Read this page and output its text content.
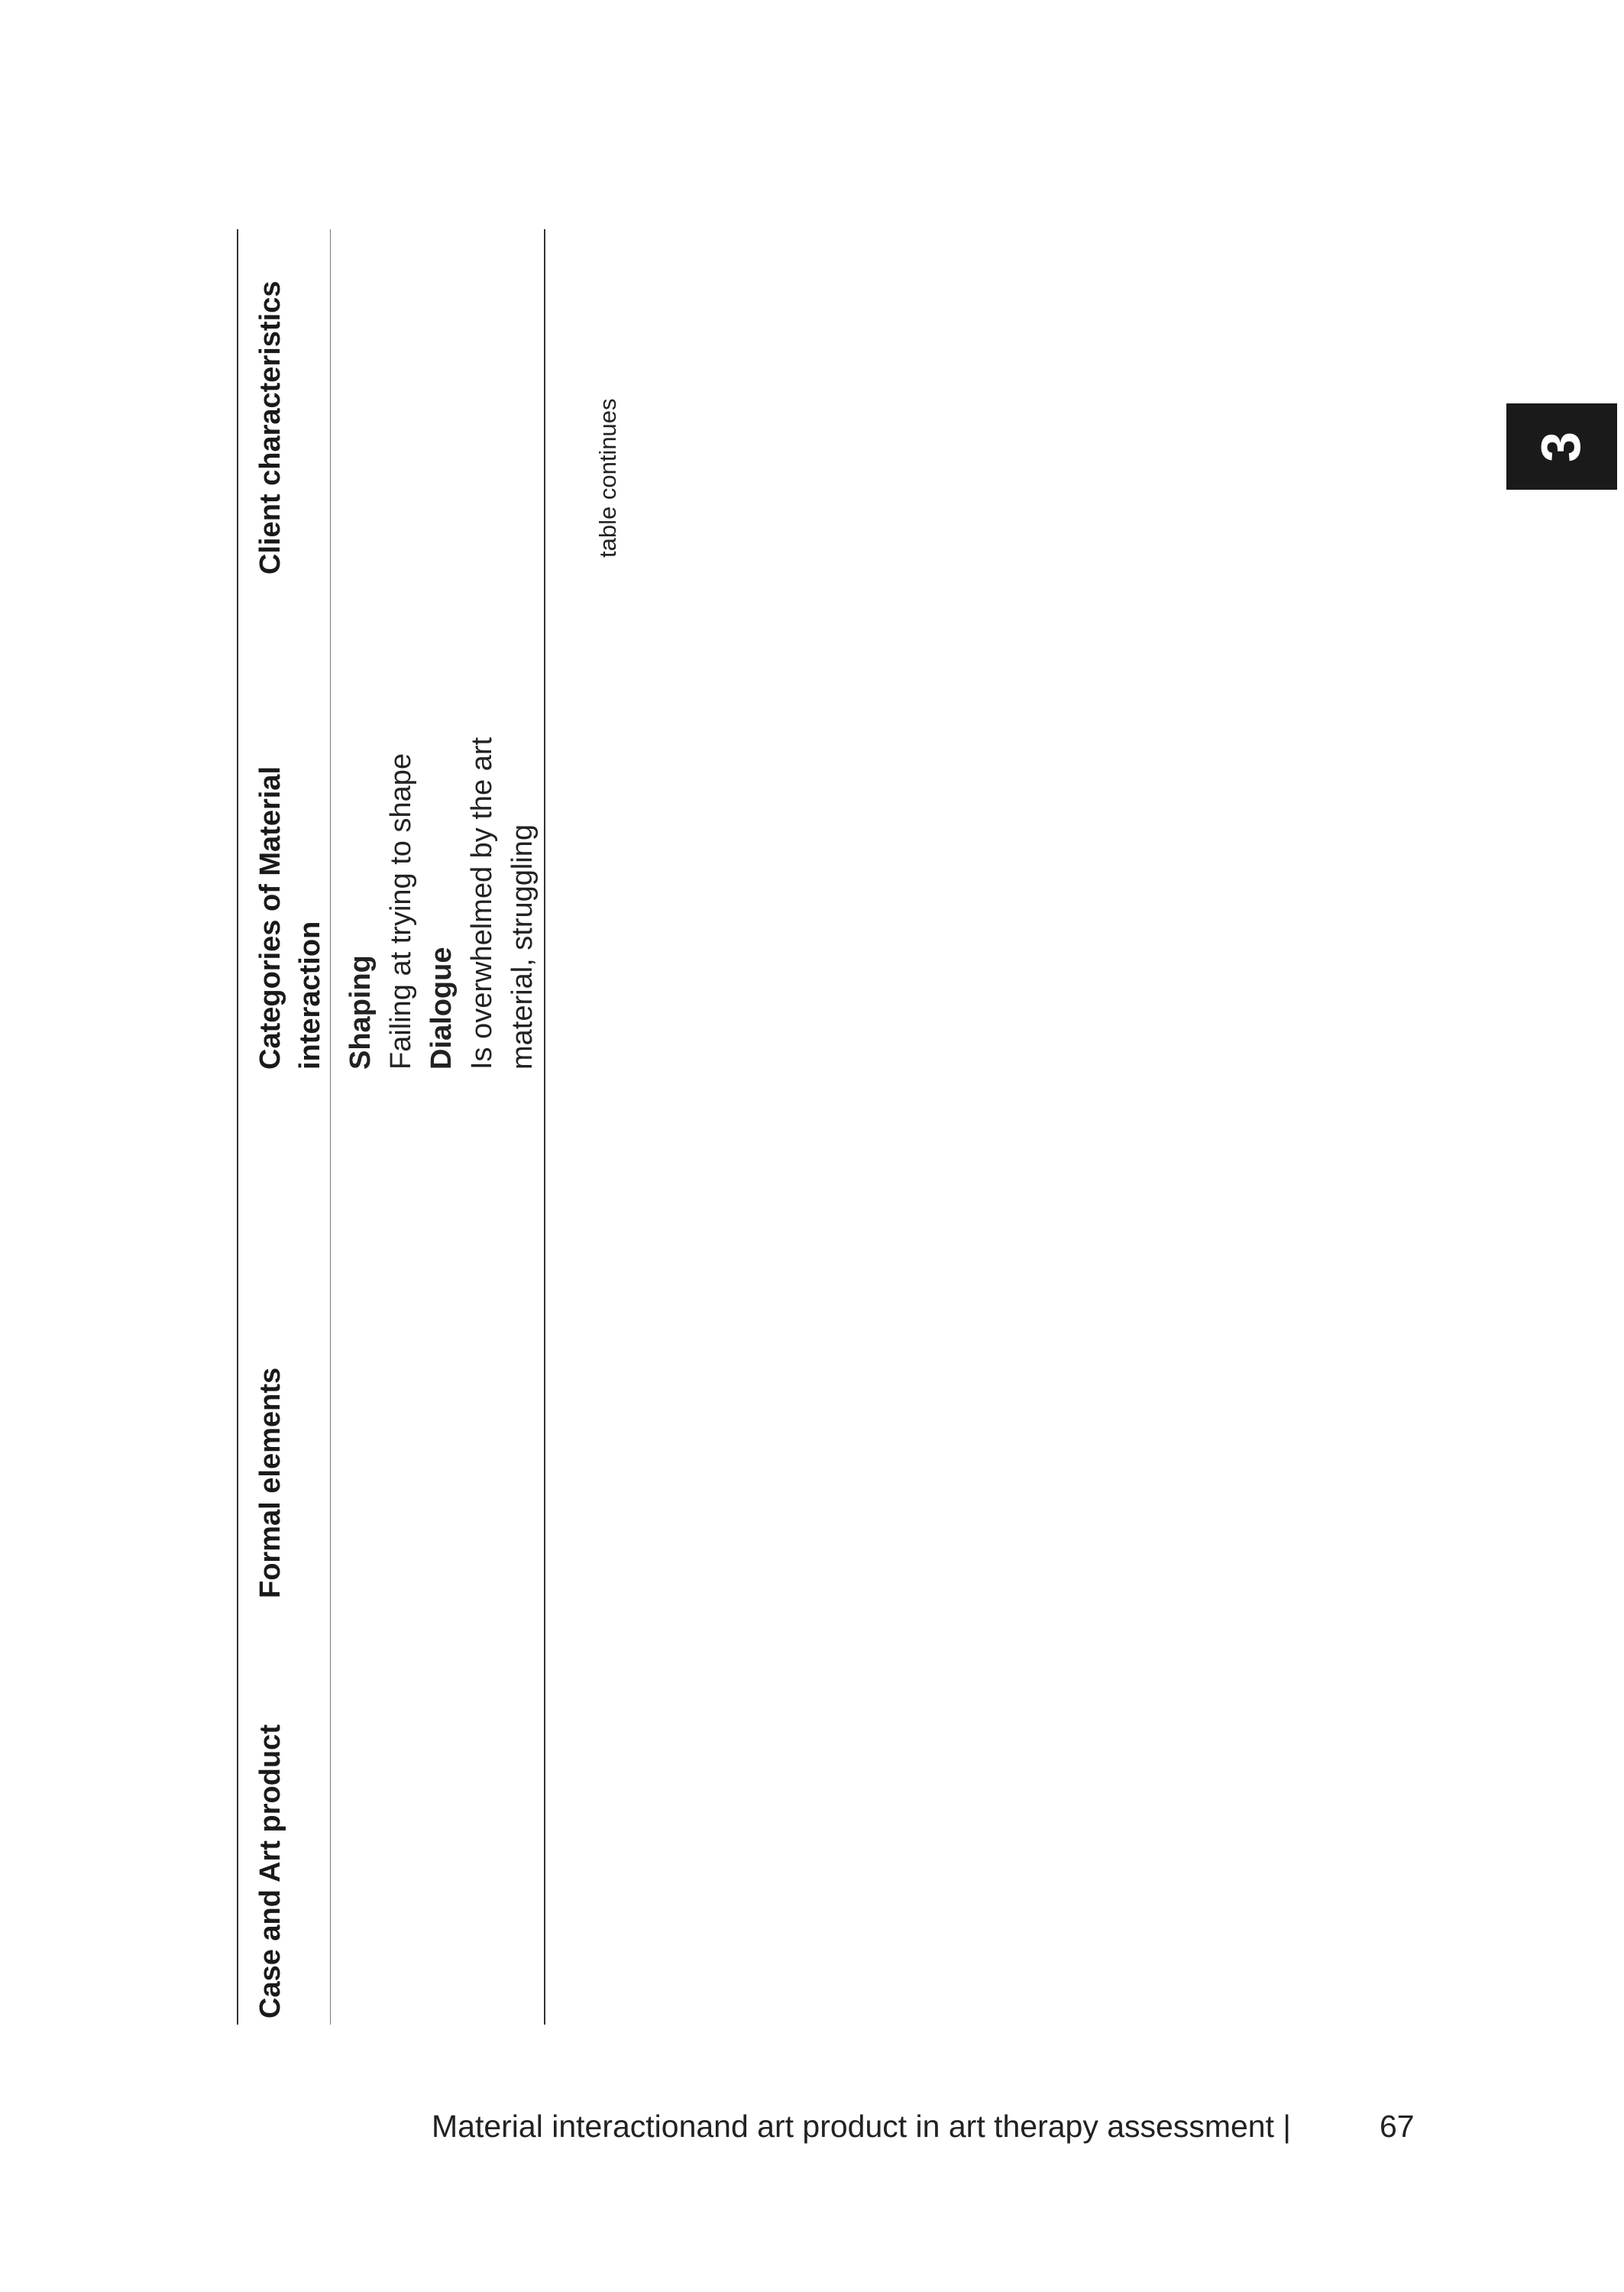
Case and Art product
Formal elements
Categories of Material interaction
Client characteristics
Shaping Failing at trying to shape Dialogue Is overwhelmed by the art material, struggling
table continues	3
Material interactionand art product in art therapy assessment |	67
